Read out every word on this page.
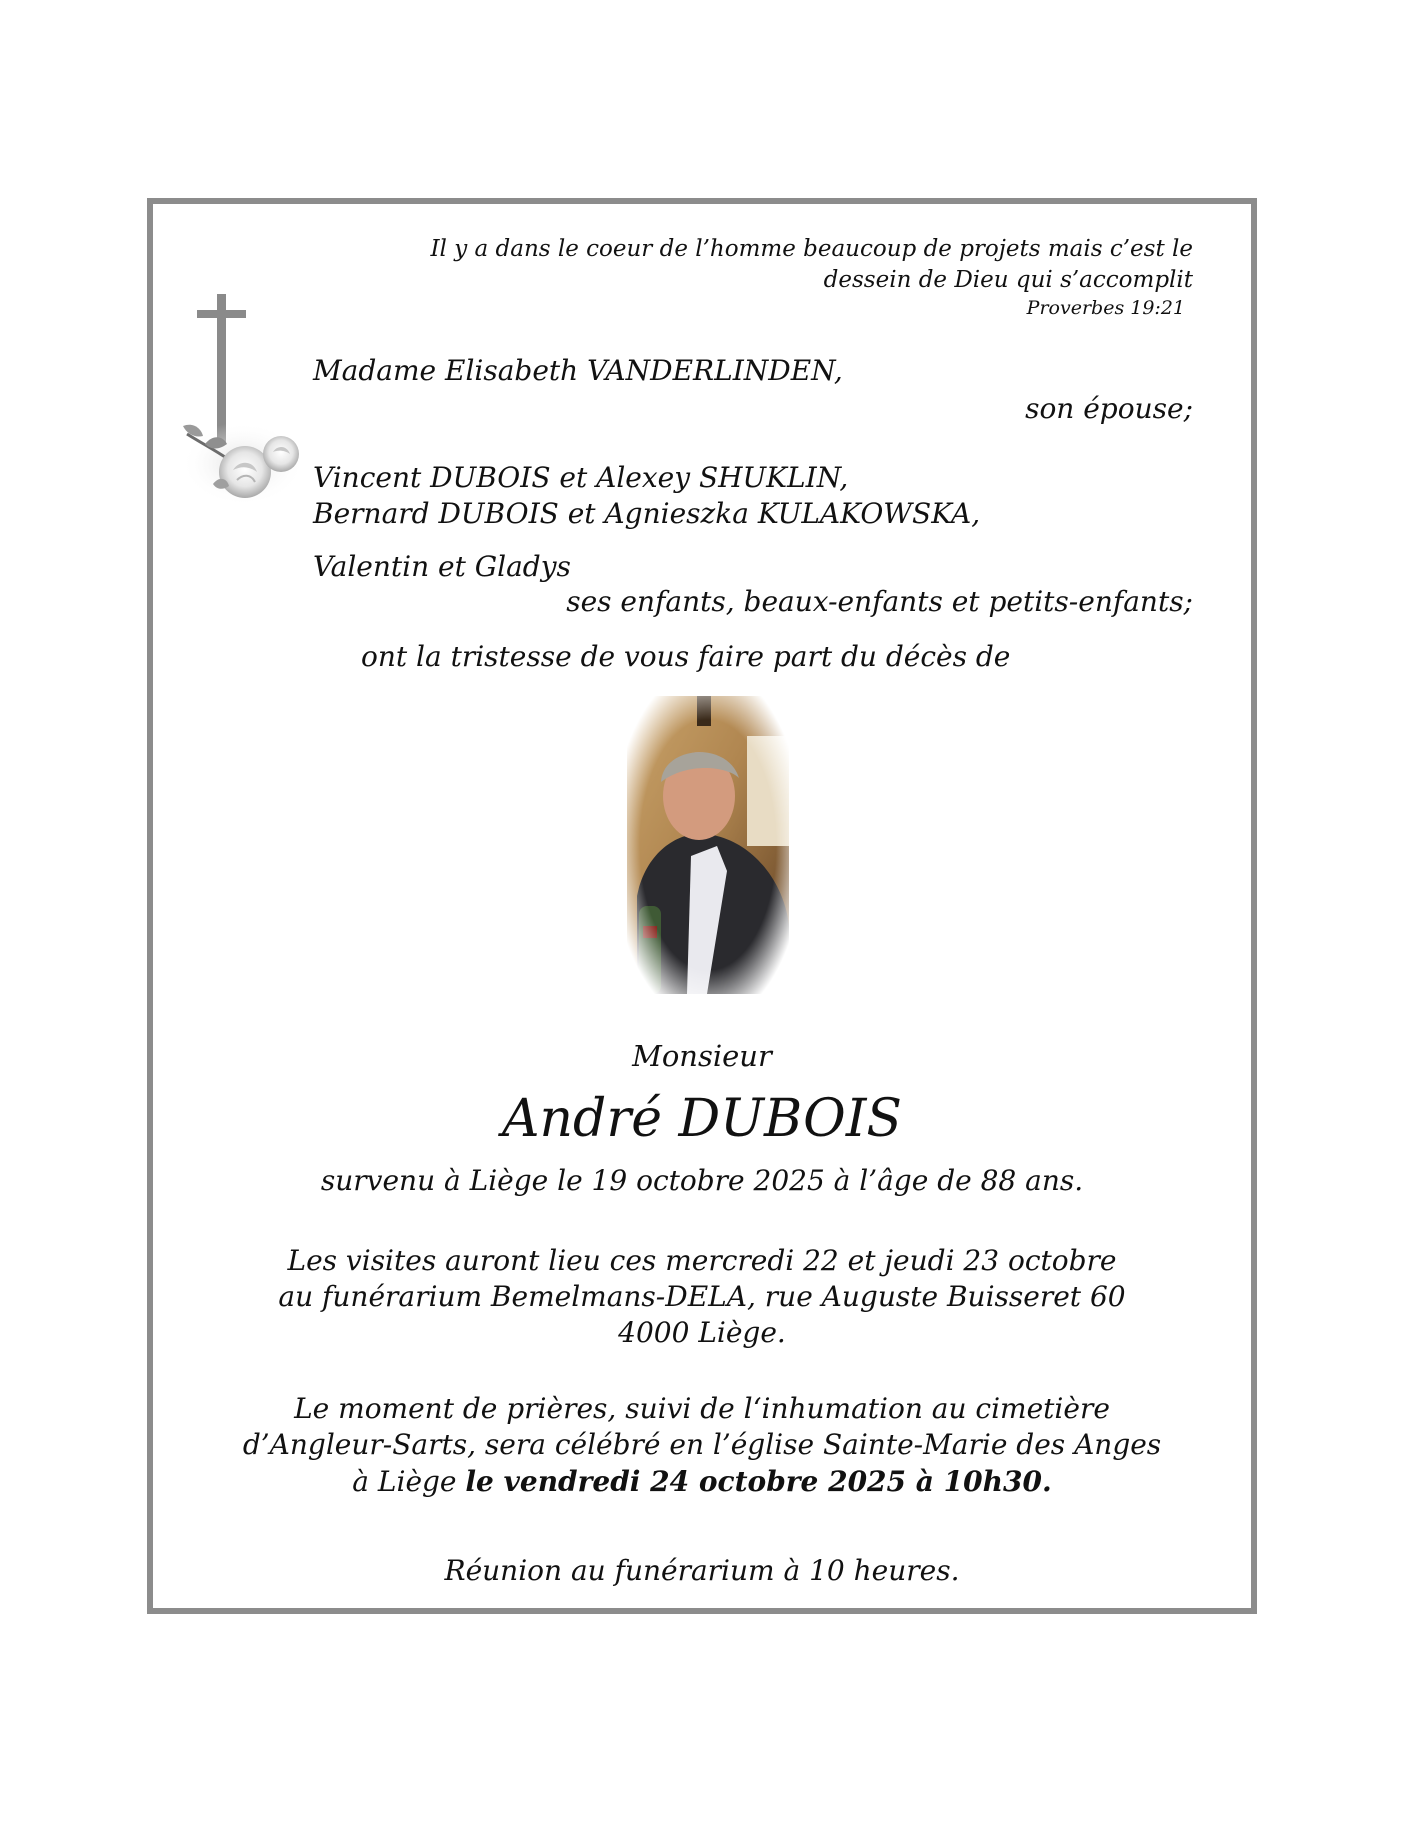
Il y a dans le coeur de l’homme beaucoup de projets mais c’est le
dessein de Dieu qui s’accomplit
Proverbes 19:21
Madame Elisabeth VANDERLINDEN,
son épouse;
Vincent DUBOIS et Alexey SHUKLIN,
Bernard DUBOIS et Agnieszka KULAKOWSKA,
Valentin et Gladys
ses enfants, beaux-enfants et petits-enfants;
ont la tristesse de vous faire part du décès de
Monsieur
André DUBOIS
survenu à Liège le 19 octobre 2025 à l’âge de 88 ans.
Les visites auront lieu ces mercredi 22 et jeudi 23 octobre
au funérarium Bemelmans-DELA, rue Auguste Buisseret 60
4000 Liège.
Le moment de prières, suivi de l‘inhumation au cimetière
d’Angleur-Sarts, sera célébré en l’église Sainte-Marie des Anges
à Liège le vendredi 24 octobre 2025 à 10h30.
Réunion au funérarium à 10 heures.
